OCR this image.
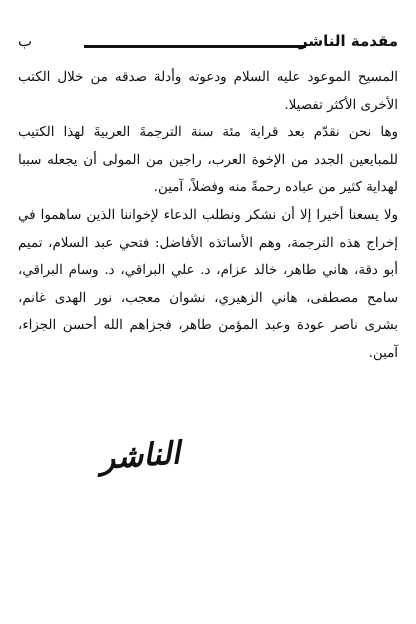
مقدمة الناشر
ب

المسيح الموعود عليه السلام ودعوته وأدلة صدقه من خلال الكتب الأخرى الأكثر تفصيلا.

وها نحن نقدّم بعد قرابة مئة سنة الترجمةَ العربيةَ لهذا الكتيب للمبايعين الجدد من الإخوة العرب، راجين من المولى أن يجعله سببا لهداية كثير من عباده رحمةً منه وفضلاً، آمين.

ولا يسعنا أخيرا إلا أن نشكر ونطلب الدعاء لإخواننا الذين ساهموا في إخراج هذه الترجمة، وهم الأساتذه الأفاضل: فتحي عبد السلام، تميم أبو دقة، هاني طاهر، خالد عزام، د. علي البراقي، د. وسام البراقي، سامح مصطفى، هاني الزهيري، نشوان معجب، نور الهدى غانم، بشرى ناصر عودة وعبد المؤمن طاهر، فجزاهم الله أحسن الجزاء، آمين.

الناشر
